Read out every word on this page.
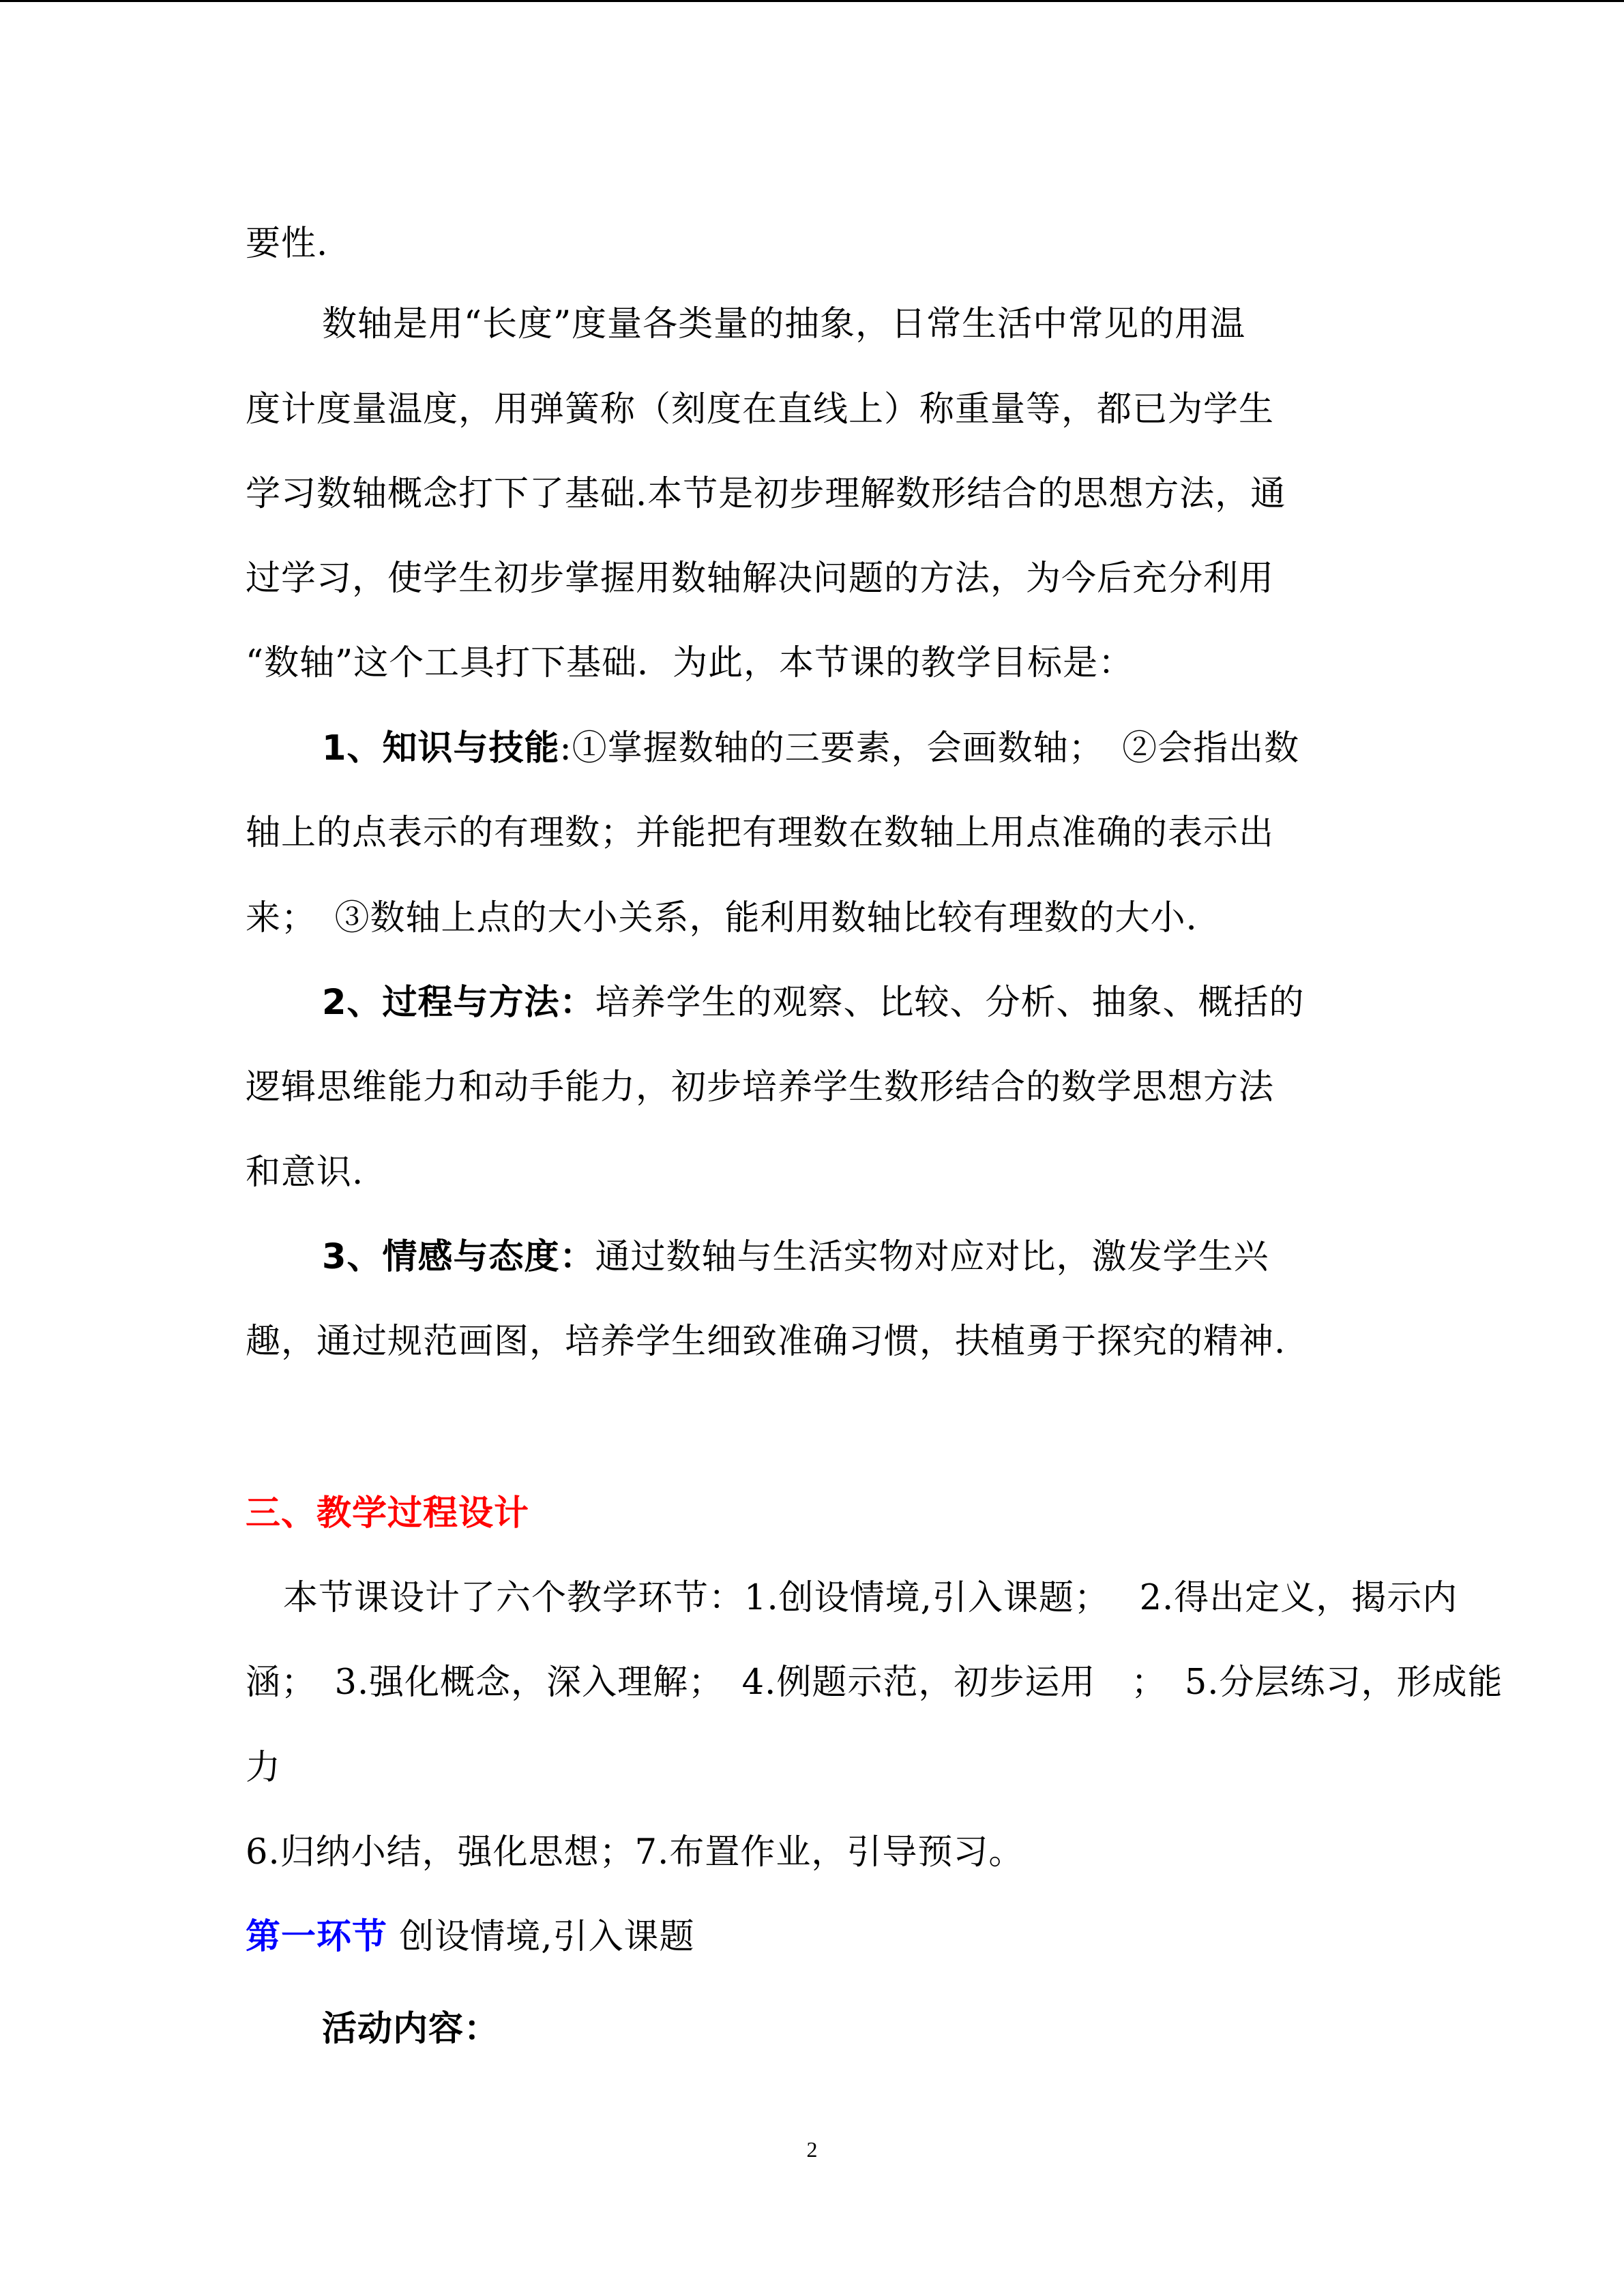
要性.
数轴是用“长度”度量各类量的抽象，日常生活中常见的用温
度计度量温度，用弹簧称（刻度在直线上）称重量等，都已为学生
学习数轴概念打下了基础.本节是初步理解数形结合的思想方法，通
过学习，使学生初步掌握用数轴解决问题的方法，为今后充分利用
“数轴”这个工具打下基础．为此，本节课的教学目标是：
1、知识与技能:①掌握数轴的三要素，会画数轴；　②会指出数
轴上的点表示的有理数；并能把有理数在数轴上用点准确的表示出
来；　③数轴上点的大小关系，能利用数轴比较有理数的大小.
2、过程与方法：培养学生的观察、比较、分析、抽象、概括的
逻辑思维能力和动手能力，初步培养学生数形结合的数学思想方法
和意识.
3、情感与态度：通过数轴与生活实物对应对比，激发学生兴
趣，通过规范画图，培养学生细致准确习惯，扶植勇于探究的精神.
三、教学过程设计
本节课设计了六个教学环节：1.创设情境,引入课题；　 2.得出定义，揭示内
涵；　3.强化概念，深入理解；　4.例题示范，初步运用　；　5.分层练习，形成能
力
6.归纳小结，强化思想；7.布置作业，引导预习。
第一环节 创设情境,引入课题
活动内容：
2
